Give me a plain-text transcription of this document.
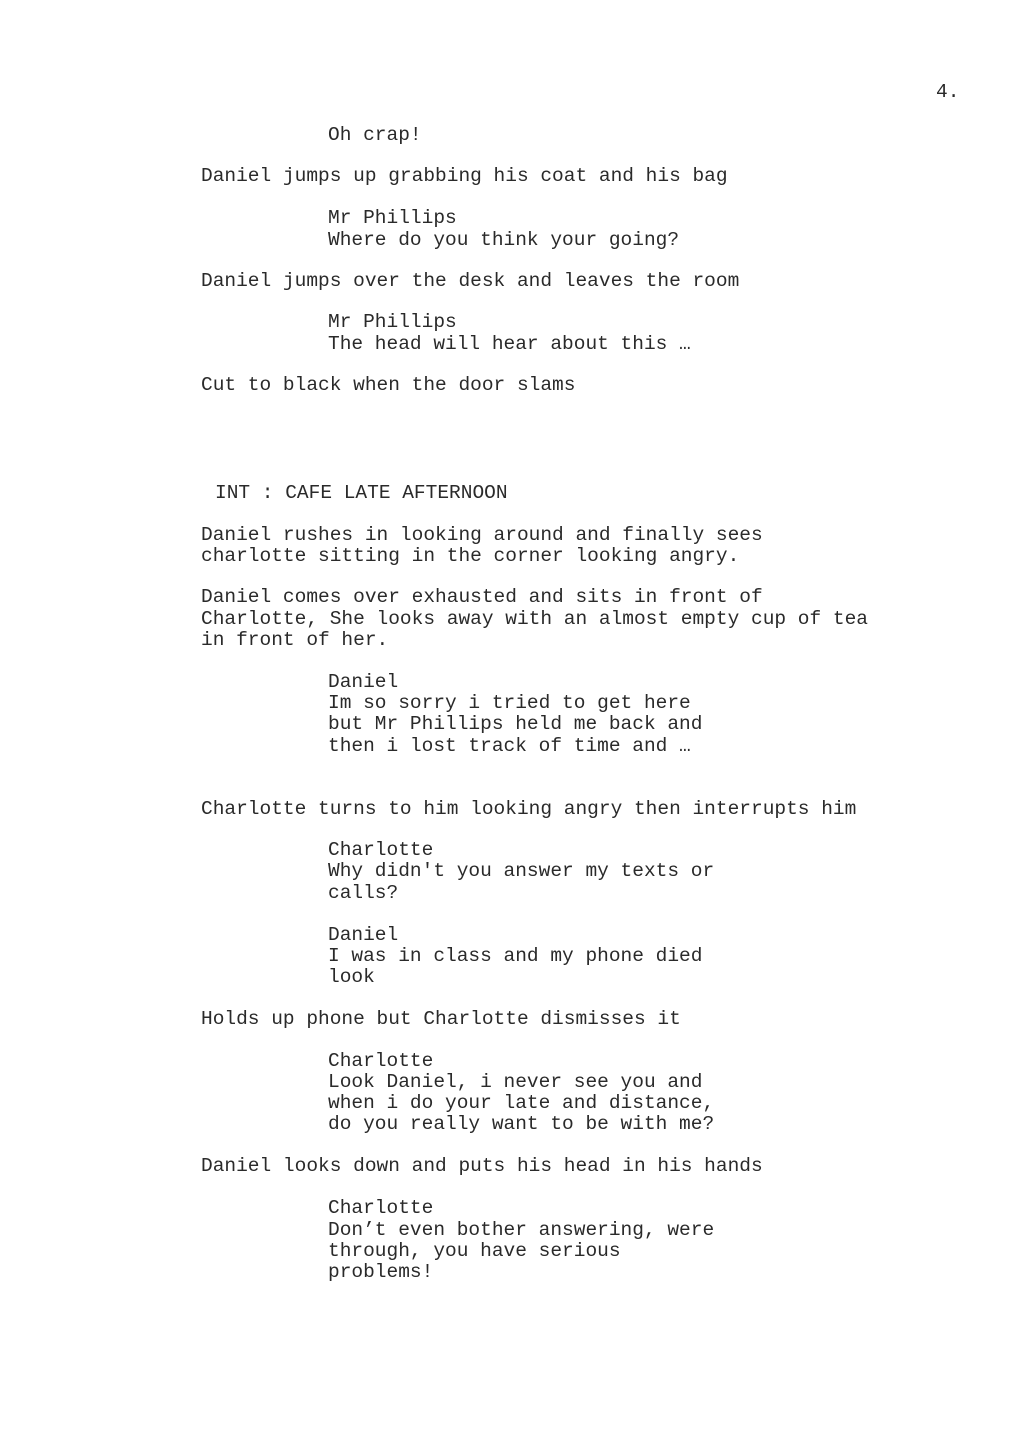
4.
Oh crap!
Daniel jumps up grabbing his coat and his bag
Mr Phillips
Where do you think your going?
Daniel jumps over the desk and leaves the room
Mr Phillips
The head will hear about this …
Cut to black when the door slams
INT : CAFE LATE AFTERNOON
Daniel rushes in looking around and finally sees
charlotte sitting in the corner looking angry.
Daniel comes over exhausted and sits in front of
Charlotte, She looks away with an almost empty cup of tea
in front of her.
Daniel
Im so sorry i tried to get here
but Mr Phillips held me back and
then i lost track of time and …
Charlotte turns to him looking angry then interrupts him
Charlotte
Why didn't you answer my texts or
calls?
Daniel
I was in class and my phone died
look
Holds up phone but Charlotte dismisses it
Charlotte
Look Daniel, i never see you and
when i do your late and distance,
do you really want to be with me?
Daniel looks down and puts his head in his hands
Charlotte
Don’t even bother answering, were
through, you have serious
problems!
